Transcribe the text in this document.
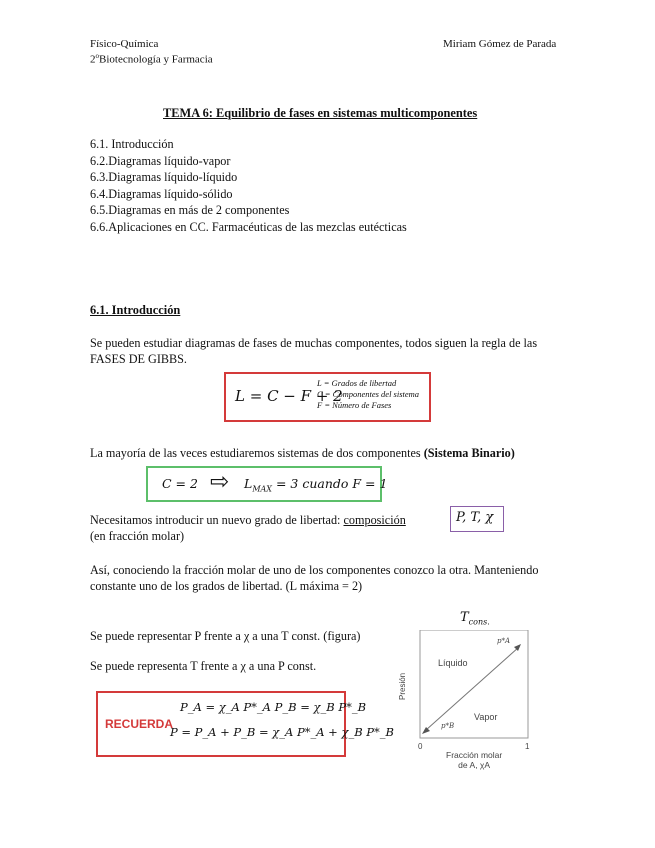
Físico-Química
2$^o$Biotecnología y Farmacia
Miriam Gómez de Parada
TEMA 6: Equilibrio de fases en sistemas multicomponentes
6.1. Introducción
6.2.Diagramas líquido-vapor
6.3.Diagramas líquido-líquido
6.4.Diagramas líquido-sólido
6.5.Diagramas en más de 2 componentes
6.6.Aplicaciones en CC. Farmacéuticas de las mezclas eutécticas
6.1. Introducción
Se pueden estudiar diagramas de fases de muchas componentes, todos siguen la regla de las
FASES DE GIBBS.
L = C − F + 2
L = Grados de libertad
C = Componentes del sistema
F = Número de Fases
La mayoría de las veces estudiaremos sistemas de dos componentes (Sistema Binario)
C = 2 ⇨ $L_{MAX} = 3$ cuando F = 1
Necesitamos introducir un nuevo grado de libertad: composición
(en fracción molar)
P, T, χ
Así, conociendo la fracción molar de uno de los componentes conozco la otra. Manteniendo
constante uno de los grados de libertad. (L máxima = 2)
Se puede representar P frente a χ a una T const. (figura)
Se puede representa T frente a χ a una P const.
RECUERDA
P_A = χ_A P*_A P_B = χ_B P*_B
P = P_A + P_B = χ_A P*_A + χ_B P*_B
$T_{cons.}$
Presión
Líquido
Vapor
p*A
p*B
0	1
Fracción molar
de A, χA
